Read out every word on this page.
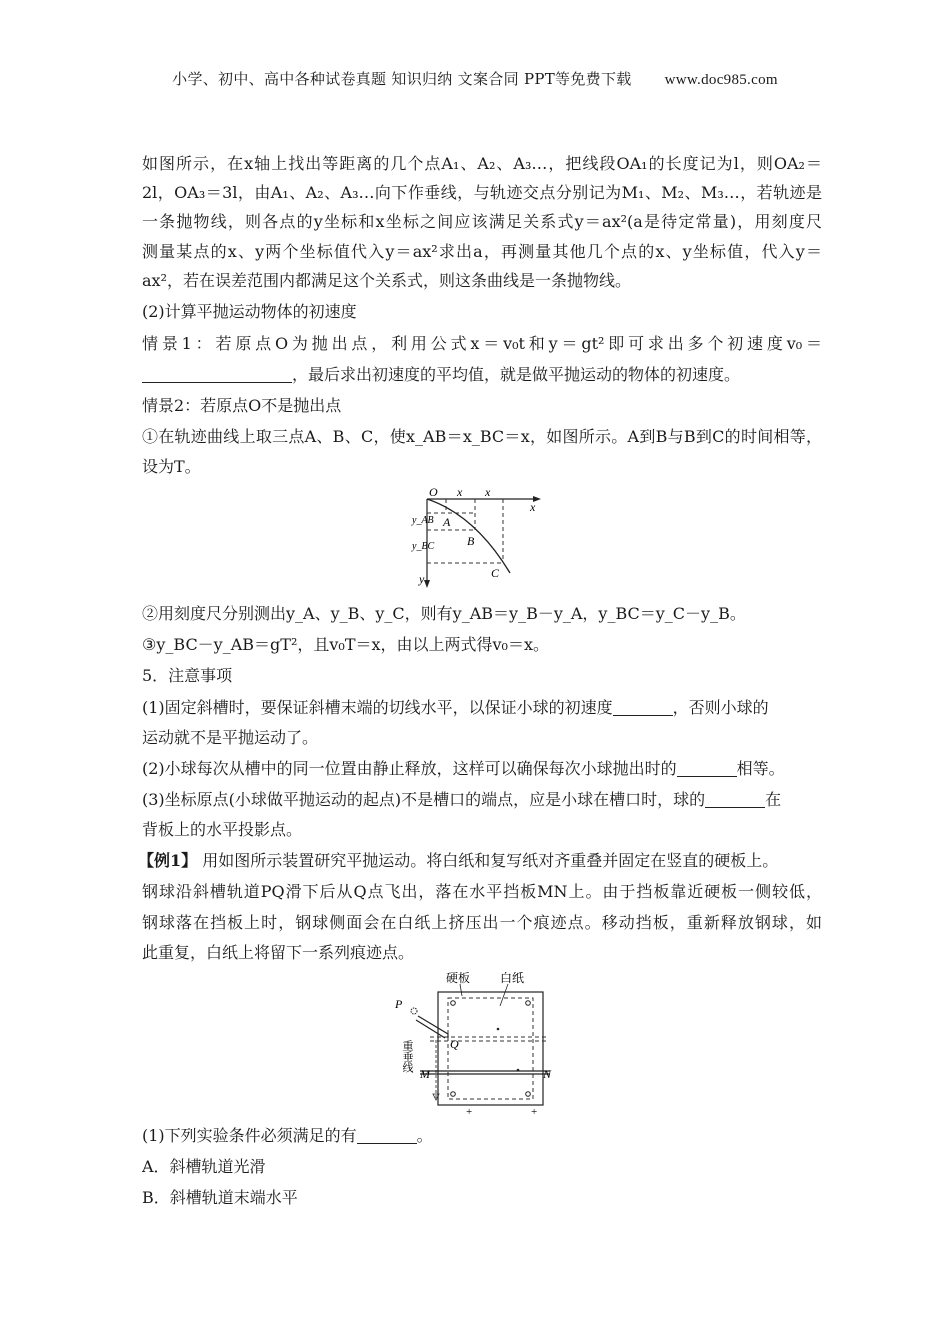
小学、初中、高中各种试卷真题 知识归纳 文案合同 PPT等免费下载 www.doc985.com
如图所示，在x轴上找出等距离的几个点A₁、A₂、A₃…，把线段OA₁的长度记为l，则OA₂＝
2l，OA₃＝3l，由A₁、A₂、A₃…向下作垂线，与轨迹交点分别记为M₁、M₂、M₃…，若轨迹是
一条抛物线，则各点的y坐标和x坐标之间应该满足关系式y＝ax²(a是待定常量)，用刻度尺
测量某点的x、y两个坐标值代入y＝ax²求出a，再测量其他几个点的x、y坐标值，代入y＝
ax²，若在误差范围内都满足这个关系式，则这条曲线是一条抛物线。
(2)计算平抛运动物体的初速度
情景1：若原点O为抛出点，利用公式x＝v₀t和y＝gt²即可求出多个初速度v₀＝
，最后求出初速度的平均值，就是做平抛运动的物体的初速度。
情景2：若原点O不是抛出点
①在轨迹曲线上取三点A、B、C，使x_AB＝x_BC＝x，如图所示。A到B与B到C的时间相等，
设为T。
O x x
x
y_AB
y_BC
y
A
B
C
②用刻度尺分别测出y_A、y_B、y_C，则有y_AB＝y_B－y_A，y_BC＝y_C－y_B。
③y_BC－y_AB＝gT²，且v₀T＝x，由以上两式得v₀＝x。
5．注意事项
(1)固定斜槽时，要保证斜槽末端的切线水平，以保证小球的初速度	，否则小球的
运动就不是平抛运动了。
(2)小球每次从槽中的同一位置由静止释放，这样可以确保每次小球抛出时的	相等。
(3)坐标原点(小球做平抛运动的起点)不是槽口的端点，应是小球在槽口时，球的	在
背板上的水平投影点。
【例1】 用如图所示装置研究平抛运动。将白纸和复写纸对齐重叠并固定在竖直的硬板上。
钢球沿斜槽轨道PQ滑下后从Q点飞出，落在水平挡板MN上。由于挡板靠近硬板一侧较低，
钢球落在挡板上时，钢球侧面会在白纸上挤压出一个痕迹点。移动挡板，重新释放钢球，如
此重复，白纸上将留下一系列痕迹点。
硬板 白纸
+	+
P
Q
重垂线
M	N
(1)下列实验条件必须满足的有	。
A．斜槽轨道光滑
B．斜槽轨道末端水平
